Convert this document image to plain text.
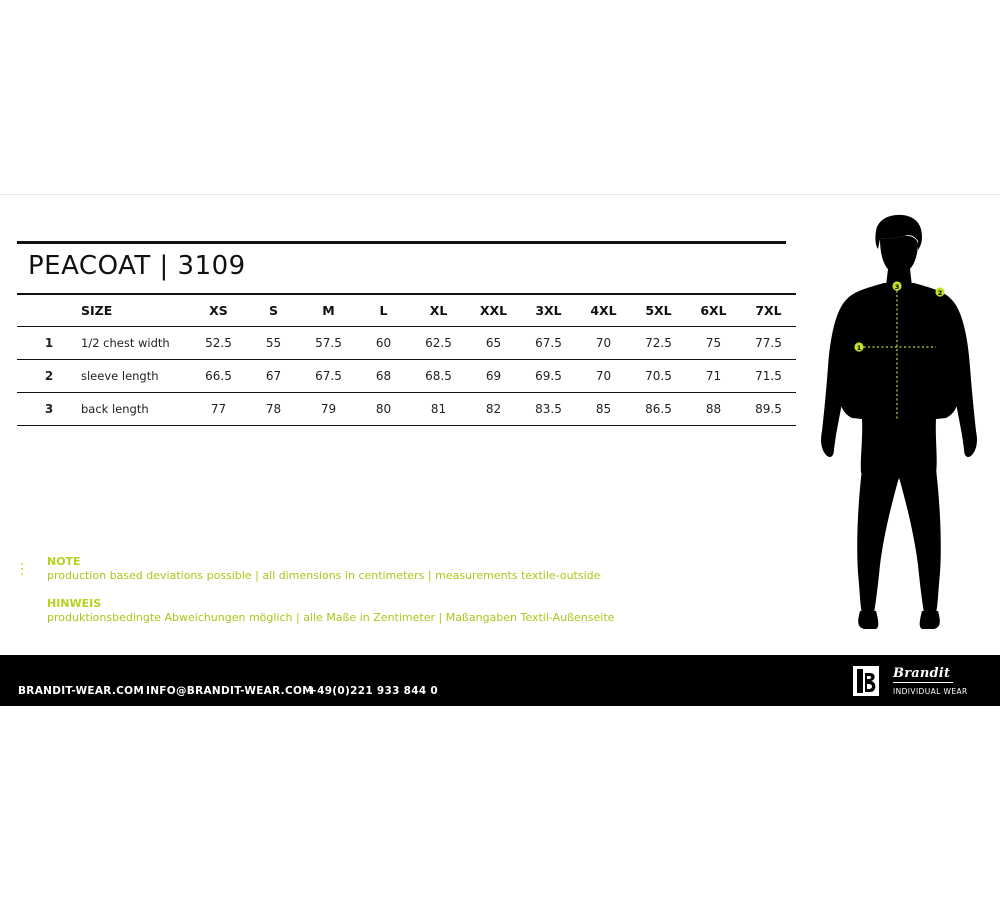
PEACOAT | 3109
	SIZE	XS	S	M	L	XL	XXL	3XL	4XL	5XL	6XL	7XL
1	1/2 chest width	52.5	55	57.5	60	62.5	65	67.5	70	72.5	75	77.5
2	sleeve length	66.5	67	67.5	68	68.5	69	69.5	70	70.5	71	71.5
3	back length	77	78	79	80	81	82	83.5	85	86.5	88	89.5
NOTE
production based deviations possible | all dimensions in centimeters | measurements textile-outside
HINWEIS
produktionsbedingte Abweichungen möglich | alle Maße in Zentimeter | Maßangaben Textil-Außenseite
1
2
3
BRANDIT-WEAR.COM INFO@BRANDIT-WEAR.COM
+49(0)221 933 844 0
Brandit
INDIVIDUAL WEAR
